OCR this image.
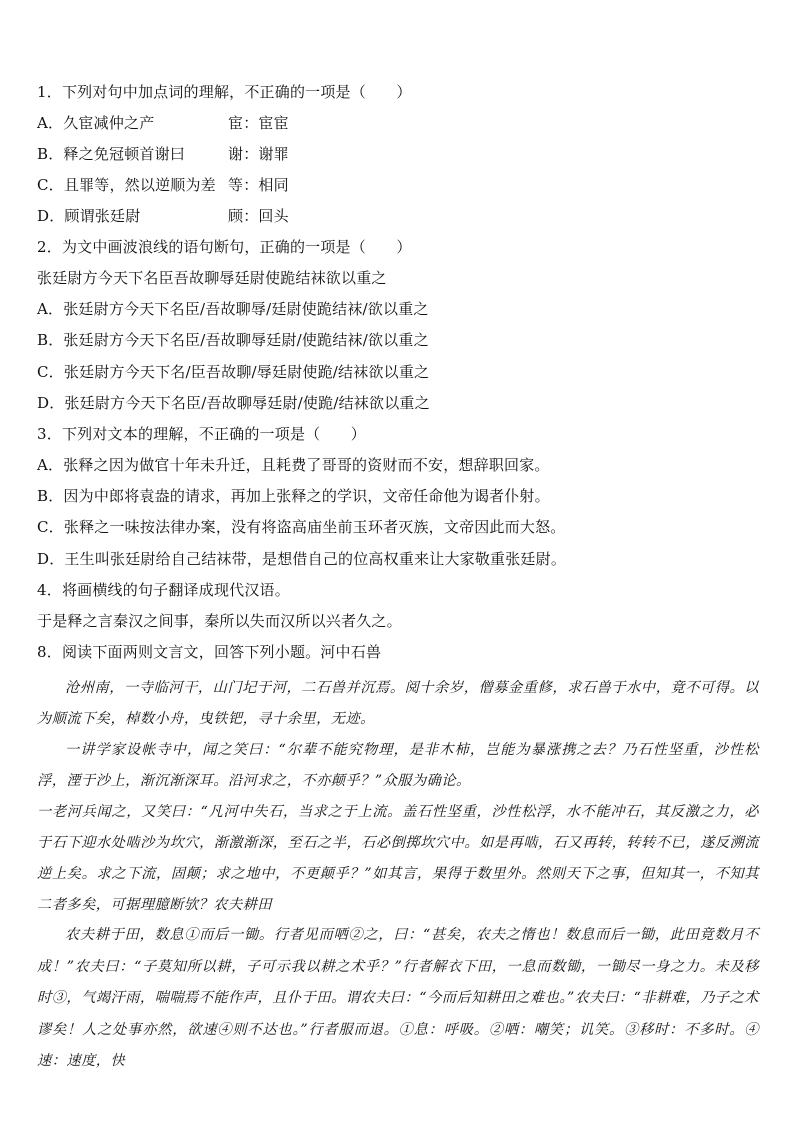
1．下列对句中加点词的理解，不正确的一项是（　　）
A．久宦减仲之产	宦：宦宦
B．释之免冠顿首谢曰	谢：谢罪
C．且罪等，然以逆顺为差 等：相同
D．顾谓张廷尉	顾：回头
2．为文中画波浪线的语句断句，正确的一项是（　　）
张廷尉方今天下名臣吾故聊辱廷尉使跪结袜欲以重之
A．张廷尉方今天下名臣/吾故聊辱/廷尉使跪结袜/欲以重之
B．张廷尉方今天下名臣/吾故聊辱廷尉/使跪结袜/欲以重之
C．张廷尉方今天下名/臣吾故聊/辱廷尉使跪/结袜欲以重之
D．张廷尉方今天下名臣/吾故聊辱廷尉/使跪/结袜欲以重之
3．下列对文本的理解，不正确的一项是（　　）
A．张释之因为做官十年未升迁，且耗费了哥哥的资财而不安，想辞职回家。
B．因为中郎将袁盎的请求，再加上张释之的学识，文帝任命他为谒者仆射。
C．张释之一味按法律办案，没有将盗高庙坐前玉环者灭族，文帝因此而大怒。
D．王生叫张廷尉给自己结袜带，是想借自己的位高权重来让大家敬重张廷尉。
4．将画横线的句子翻译成现代汉语。
于是释之言秦汉之间事，秦所以失而汉所以兴者久之。
8．阅读下面两则文言文，回答下列小题。河中石兽
沧州南，一寺临河干，山门圮于河，二石兽并沉焉。阅十余岁，僧募金重修，求石兽于水中，竟不可得。以为顺流下矣，棹数小舟，曳铁钯，寻十余里，无迹。
一讲学家设帐寺中，闻之笑曰：“尔辈不能究物理，是非木柿，岂能为暴涨携之去？乃石性坚重，沙性松浮，湮于沙上，渐沉渐深耳。沿河求之，不亦颠乎？”众服为确论。
一老河兵闻之，又笑曰：“凡河中失石，当求之于上流。盖石性坚重，沙性松浮，水不能冲石，其反激之力，必于石下迎水处啮沙为坎穴，渐激渐深，至石之半，石必倒掷坎穴中。如是再啮，石又再转，转转不已，遂反溯流逆上矣。求之下流，固颠；求之地中，不更颠乎？”如其言，果得于数里外。然则天下之事，但知其一，不知其二者多矣，可据理臆断欤？农夫耕田
农夫耕于田，数息①而后一锄。行者见而哂②之，曰：“甚矣，农夫之惰也！数息而后一锄，此田竟数月不成！”农夫曰：“子莫知所以耕，子可示我以耕之术乎？”行者解衣下田，一息而数锄，一锄尽一身之力。未及移时③，气竭汗雨，喘喘焉不能作声，且仆于田。谓农夫曰：“今而后知耕田之难也。”农夫曰：“非耕难，乃子之术谬矣！人之处事亦然，欲速④则不达也。”行者服而退。①息：呼吸。②哂：嘲笑；讥笑。③移时：不多时。④速：速度，快
